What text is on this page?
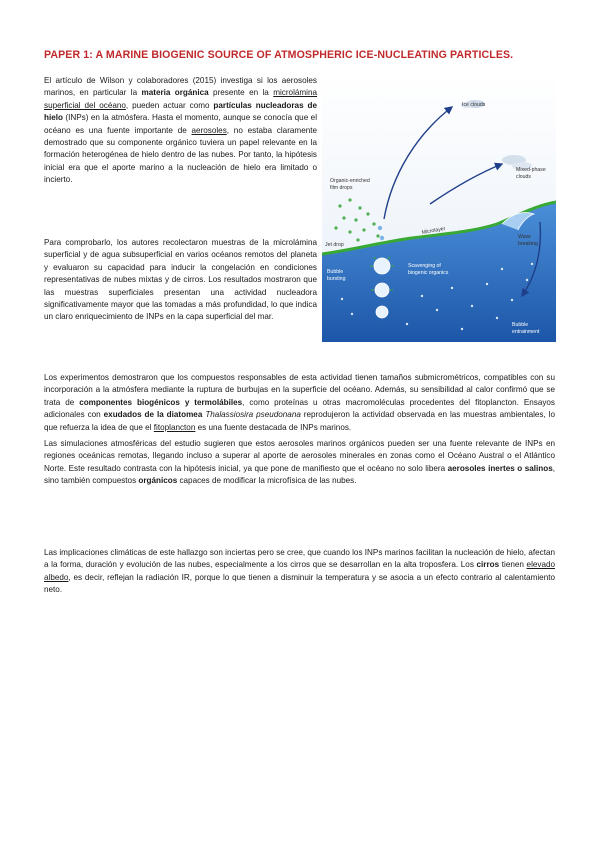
PAPER 1: A MARINE BIOGENIC SOURCE OF ATMOSPHERIC ICE-NUCLEATING PARTICLES.

El artículo de Wilson y colaboradores (2015) investiga si los aerosoles marinos, en particular la materia orgánica presente en la microlámina superficial del océano, pueden actuar como partículas nucleadoras de hielo (INPs) en la atmósfera. Hasta el momento, aunque se conocía que el océano es una fuente importante de aerosoles, no estaba claramente demostrado que su componente orgánico tuviera un papel relevante en la formación heterogénea de hielo dentro de las nubes. Por tanto, la hipótesis inicial era que el aporte marino a la nucleación de hielo era limitado o incierto.

Para comprobarlo, los autores recolectaron muestras de la microlámina superficial y de agua subsuperficial en varios océanos remotos del planeta y evaluaron su capacidad para inducir la congelación en condiciones representativas de nubes mixtas y de cirros. Los resultados mostraron que las muestras superficiales presentan una actividad nucleadora significativamente mayor que las tomadas a más profundidad, lo que indica un claro enriquecimiento de INPs en la capa superficial del mar.

Los experimentos demostraron que los compuestos responsables de esta actividad tienen tamaños submicrométricos, compatibles con su incorporación a la atmósfera mediante la ruptura de burbujas en la superficie del océano. Además, su sensibilidad al calor confirmó que se trata de componentes biogénicos y termolábiles, como proteínas u otras macromoléculas procedentes del fitoplancton. Ensayos adicionales con exudados de la diatomea Thalassiosira pseudonana reprodujeron la actividad observada en las muestras ambientales, lo que refuerza la idea de que el fitoplancton es una fuente destacada de INPs marinos.

Las simulaciones atmosféricas del estudio sugieren que estos aerosoles marinos orgánicos pueden ser una fuente relevante de INPs en regiones oceánicas remotas, llegando incluso a superar al aporte de aerosoles minerales en zonas como el Océano Austral o el Atlántico Norte. Este resultado contrasta con la hipótesis inicial, ya que pone de manifiesto que el océano no solo libera aerosoles inertes o salinos, sino también compuestos orgánicos capaces de modificar la microfísica de las nubes.

Las implicaciones climáticas de este hallazgo son inciertas pero se cree, que cuando los INPs marinos facilitan la nucleación de hielo, afectan a la forma, duración y evolución de las nubes, especialmente a los cirros que se desarrollan en la alta troposfera. Los cirros tienen elevado albedo, es decir, reflejan la radiación IR, porque lo que tienen a disminuir la temperatura y se asocia a un efecto contrario al calentamiento neto.

Ice clouds
Mixed-phase
clouds
Organic-enriched
film drops
Jet drop
Microlayer
Wave
breaking
Bubble
bursting
Scavenging of
biogenic organics
Bubble
entrainment
